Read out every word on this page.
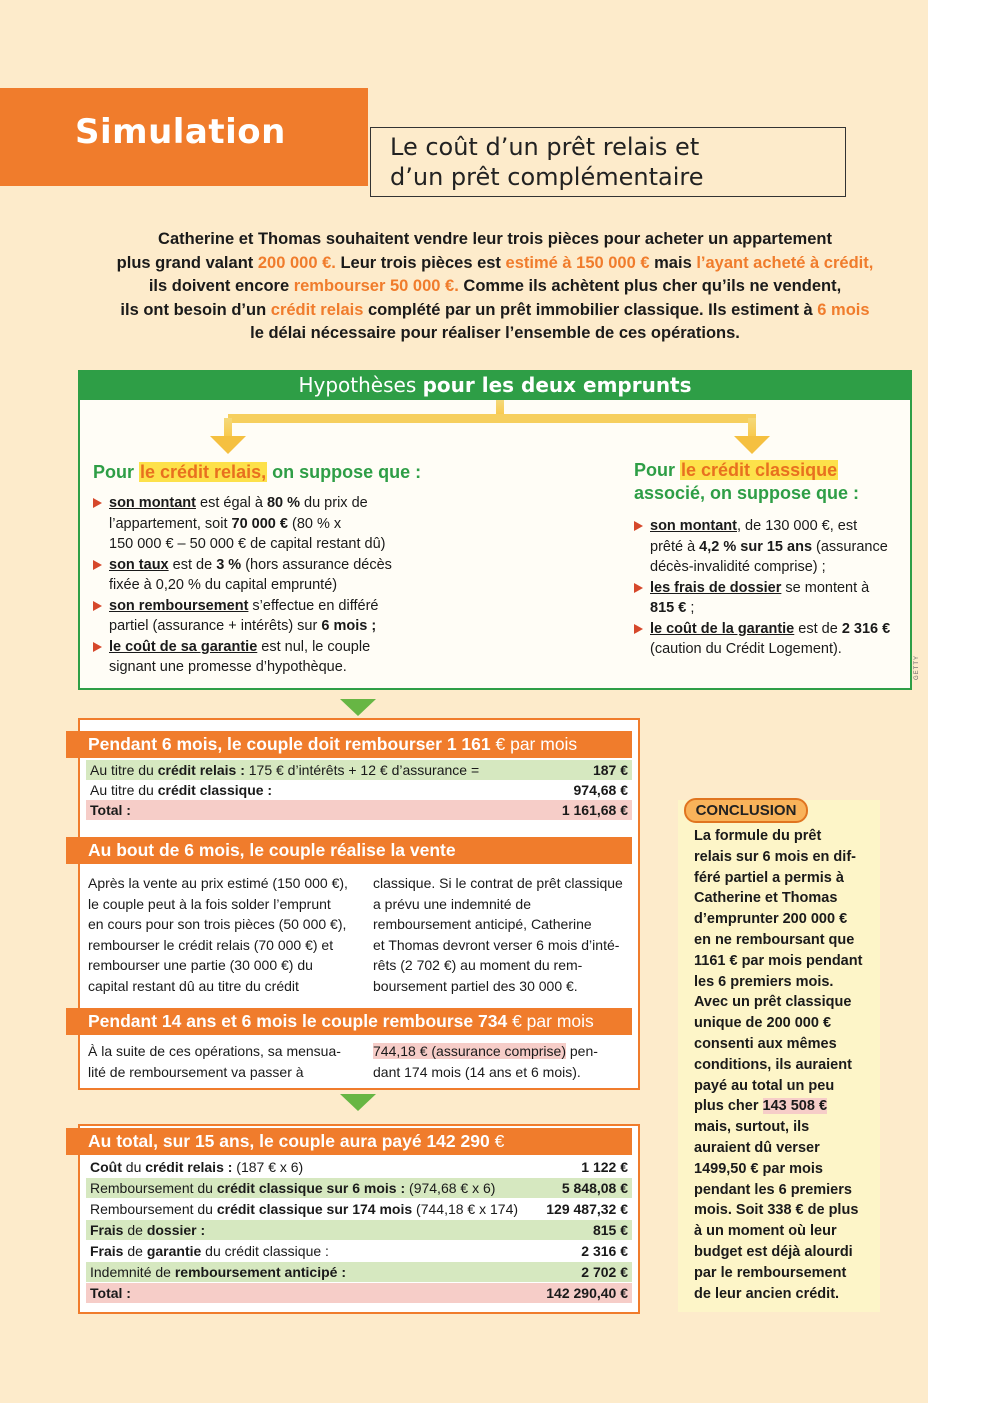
Simulation	Le coût d’un prêt relais et
d’un prêt complémentaire
Catherine et Thomas souhaitent vendre leur trois pièces pour acheter un appartement
plus grand valant 200 000 €. Leur trois pièces est estimé à 150 000 € mais l’ayant acheté à crédit,
ils doivent encore rembourser 50 000 €. Comme ils achètent plus cher qu’ils ne vendent,
ils ont besoin d’un crédit relais complété par un prêt immobilier classique. Ils estiment à 6 mois
le délai nécessaire pour réaliser l’ensemble de ces opérations.
Hypothèses pour les deux emprunts
Pour le crédit relais, on suppose que :
son montant est égal à 80 % du prix de
l’appartement, soit 70 000 € (80 % x
150 000 € – 50 000 € de capital restant dû)
son taux est de 3 % (hors assurance décès
fixée à 0,20 % du capital emprunté)
son remboursement s’effectue en différé
partiel (assurance + intérêts) sur 6 mois ;
le coût de sa garantie est nul, le couple
signant une promesse d’hypothèque.
Pour le crédit classique
associé, on suppose que :
son montant, de 130 000 €, est
prêté à 4,2 % sur 15 ans (assurance
décès-invalidité comprise) ;
les frais de dossier se montent à
815 € ;
le coût de la garantie est de 2 316 €
(caution du Crédit Logement).
GETTY
Pendant 6 mois, le couple doit rembourser 1 161 € par mois
Au titre du crédit relais : 175 € d’intérêts + 12 € d’assurance =	187 €
Au titre du crédit classique :	974,68 €
Total :	1 161,68 €
Au bout de 6 mois, le couple réalise la vente
Après la vente au prix estimé (150 000 €),
le couple peut à la fois solder l’emprunt
en cours pour son trois pièces (50 000 €),
rembourser le crédit relais (70 000 €) et
rembourser une partie (30 000 €) du
capital restant dû au titre du crédit
classique. Si le contrat de prêt classique
a prévu une indemnité de
remboursement anticipé, Catherine
et Thomas devront verser 6 mois d’inté-
rêts (2 702 €) au moment du rem-
boursement partiel des 30 000 €.
Pendant 14 ans et 6 mois le couple rembourse 734 € par mois
À la suite de ces opérations, sa mensua-
lité de remboursement va passer à
744,18 € (assurance comprise) pen-
dant 174 mois (14 ans et 6 mois).
Au total, sur 15 ans, le couple aura payé 142 290 €
Coût du crédit relais : (187 € x 6)	1 122 €
Remboursement du crédit classique sur 6 mois : (974,68 € x 6)	5 848,08 €
Remboursement du crédit classique sur 174 mois (744,18 € x 174) 129 487,32 €
Frais de dossier :	815 €
Frais de garantie du crédit classique :	2 316 €
Indemnité de remboursement anticipé :	2 702 €
Total :	142 290,40 €
CONCLUSION
La formule du prêt
relais sur 6 mois en dif-
féré partiel a permis à
Catherine et Thomas
d’emprunter 200 000 €
en ne remboursant que
1161 € par mois pendant
les 6 premiers mois.
Avec un prêt classique
unique de 200 000 €
consenti aux mêmes
conditions, ils auraient
payé au total un peu
plus cher 143 508 €
mais, surtout, ils
auraient dû verser
1499,50 € par mois
pendant les 6 premiers
mois. Soit 338 € de plus
à un moment où leur
budget est déjà alourdi
par le remboursement
de leur ancien crédit.
